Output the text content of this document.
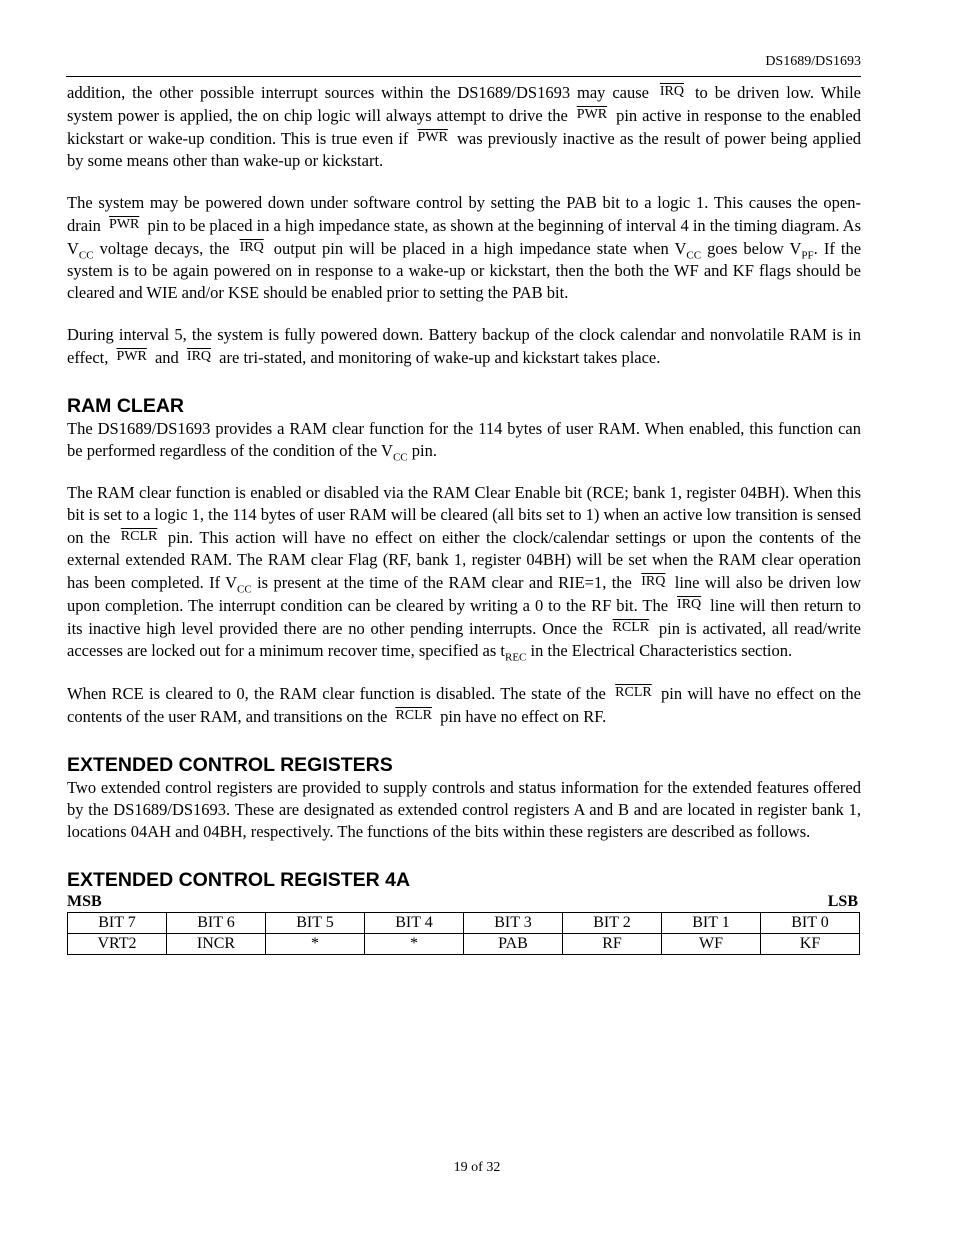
DS1689/DS1693

addition, the other possible interrupt sources within the DS1689/DS1693 may cause $\overline{IRQ}$ to be driven low. While system power is applied, the on chip logic will always attempt to drive the $\overline{PWR}$ pin active in response to the enabled kickstart or wake-up condition. This is true even if $\overline{PWR}$ was previously inactive as the result of power being applied by some means other than wake-up or kickstart.

The system may be powered down under software control by setting the PAB bit to a logic 1. This causes the open-drain $\overline{PWR}$ pin to be placed in a high impedance state, as shown at the beginning of interval 4 in the timing diagram. As $V_{CC}$ voltage decays, the $\overline{IRQ}$ output pin will be placed in a high impedance state when $V_{CC}$ goes below $V_{PF}$. If the system is to be again powered on in response to a wake-up or kickstart, then the both the WF and KF flags should be cleared and WIE and/or KSE should be enabled prior to setting the PAB bit.

During interval 5, the system is fully powered down. Battery backup of the clock calendar and nonvolatile RAM is in effect, $\overline{PWR}$ and $\overline{IRQ}$ are tri-stated, and monitoring of wake-up and kickstart takes place.

RAM CLEAR

The DS1689/DS1693 provides a RAM clear function for the 114 bytes of user RAM. When enabled, this function can be performed regardless of the condition of the $V_{CC}$ pin.

The RAM clear function is enabled or disabled via the RAM Clear Enable bit (RCE; bank 1, register 04BH). When this bit is set to a logic 1, the 114 bytes of user RAM will be cleared (all bits set to 1) when an active low transition is sensed on the RCLR pin. This action will have no effect on either the clock/calendar settings or upon the contents of the external extended RAM. The RAM clear Flag (RF, bank 1, register 04BH) will be set when the RAM clear operation has been completed. If $V_{CC}$ is present at the time of the RAM clear and RIE=1, the $\overline{IRQ}$ line will also be driven low upon completion. The interrupt condition can be cleared by writing a 0 to the RF bit. The $\overline{IRQ}$ line will then return to its inactive high level provided there are no other pending interrupts. Once the RCLR pin is activated, all read/write accesses are locked out for a minimum recover time, specified as $t_{REC}$ in the Electrical Characteristics section.

When RCE is cleared to 0, the RAM clear function is disabled. The state of the RCLR pin will have no effect on the contents of the user RAM, and transitions on the RCLR pin have no effect on RF.

EXTENDED CONTROL REGISTERS

Two extended control registers are provided to supply controls and status information for the extended features offered by the DS1689/DS1693. These are designated as extended control registers A and B and are located in register bank 1, locations 04AH and 04BH, respectively. The functions of the bits within these registers are described as follows.

EXTENDED CONTROL REGISTER 4A
MSB	LSB
BIT 7	BIT 6	BIT 5	BIT 4	BIT 3	BIT 2	BIT 1	BIT 0
VRT2	INCR	*	*	PAB	RF	WF	KF
19 of 32
